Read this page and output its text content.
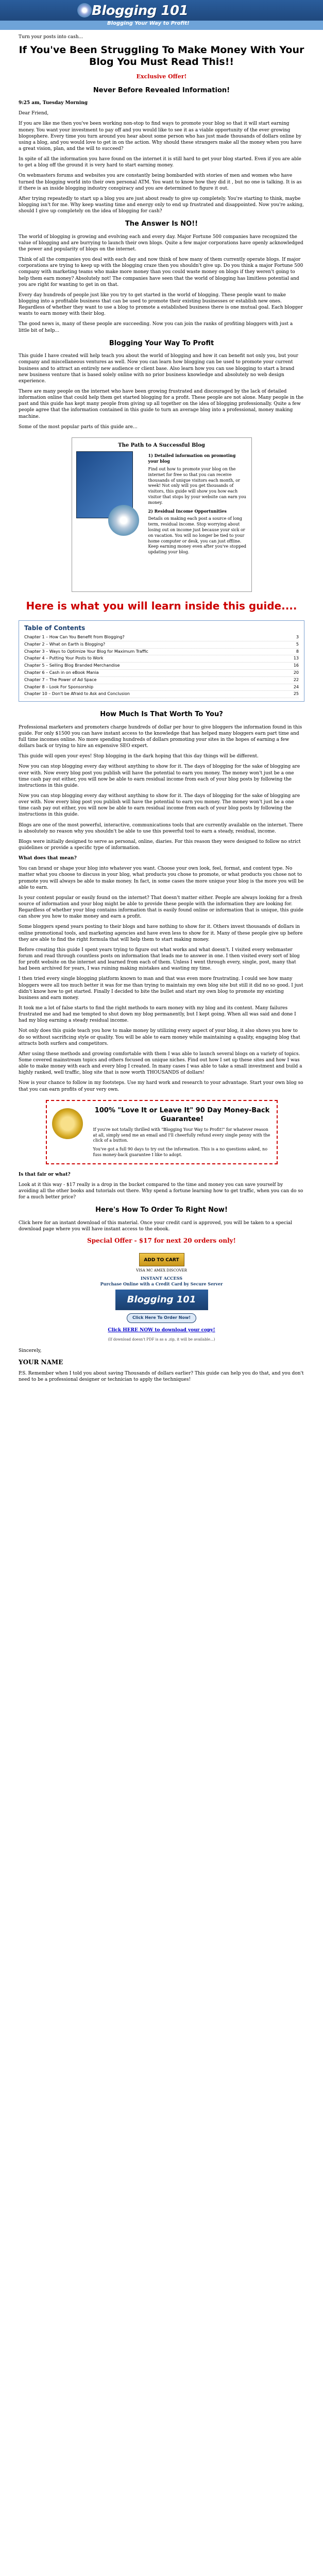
Blogging 101
Blogging Your Way to Profit!

Turn your posts into cash...

If You've Been Struggling To Make Money With Your Blog You Must Read This!!
Exclusive Offer!
Never Before Revealed Information!

9:25 am, Tuesday Morning

Dear Friend,

If you are like me then you've been working non-stop to find ways to promote your blog so that it will start earning money. You want your investment to pay off and you would like to see it as a viable opportunity of the ever growing blogosphere. Every time you turn around you hear about some person who has just made thousands of dollars online by using a blog, and you would love to get in on the action. Why should these strangers make all the money when you have a great vision, plan, and the will to succeed?

In spite of all the information you have found on the internet it is still hard to get your blog started. Even if you are able to get a blog off the ground it is very hard to start earning money.

On webmasters forums and websites you are constantly being bombarded with stories of men and women who have turned the blogging world into their own personal ATM. You want to know how they did it , but no one is talking. It is as if there is an inside blogging industry conspiracy and you are determined to figure it out.

After trying repeatedly to start up a blog you are just about ready to give up completely. You're starting to think, maybe blogging isn't for me. Why keep wasting time and energy only to end up frustrated and disappointed. Now you're asking, should I give up completely on the idea of blogging for cash?

The Answer Is NO!!

The world of blogging is growing and evolving each and every day. Major Fortune 500 companies have recognized the value of blogging and are burrying to launch their own blogs. Quite a few major corporations have openly acknowledged the power and popularity of blogs on the internet.

Think of all the companies you deal with each day and now think of how many of them currently operate blogs. If major corporations are trying to keep up with the blogging craze then you shouldn't give up. Do you think a major Fortune 500 company with marketing teams who make more money than you could waste money on blogs if they weren't going to help them earn money? Absolutely not! The companies have seen that the world of blogging has limitless potential and you are right for wanting to get in on that.

Every day hundreds of people just like you try to get started in the world of blogging. These people want to make blogging into a profitable business that can be used to promote their existing businesses or establish new ones. Regardless of whether they want to use a blog to promote a established business there is one mutual goal. Each blogger wants to earn money with their blog.

The good news is, many of these people are succeeding. Now you can join the ranks of profiting bloggers with just a little bit of help...

Blogging Your Way To Profit

This guide I have created will help teach you about the world of blogging and how it can benefit not only you, but your company and miscellaneous ventures as well. Now you can learn how blogging can be used to promote your current business and to attract an entirely new audience or client base. Also learn how you can use blogging to start a brand new business venture that is based solely online with no prior business knowledge and absolutely no web design experience.

There are many people on the internet who have been growing frustrated and discouraged by the lack of detailed information online that could help them get started blogging for a profit. These people are not alone. Many people in the past and this guide has kept many people from giving up all together on the idea of blogging professionally. Quite a few people agree that the information contained in this guide to turn an average blog into a professional, money making machine.

Some of the most popular parts of this guide are...

The Path to A Successful Blog

1) Detailed information on promoting your blog

Find out how to promote your blog on the internet for free so that you can receive thousands of unique visitors each month, or week! Not only will you get thousands of visitors, this guide will show you how each visitor that stops by your website can earn you money.

2) Residual Income Opportunities

Details on making each post a source of long term, residual income. Stop worrying about losing out on income just because your sick or on vacation. You will no longer be tied to your home computer or desk, you can just offline. Keep earning money even after you've stopped updating your blog.

Here is what you will learn inside this guide....
Table of Contents
Chapter 1 – How Can You Benefit from Blogging?	3
Chapter 2 – What on Earth is Blogging?	5
Chapter 3 – Ways to Optimize Your Blog for Maximum Traffic	8
Chapter 4 – Putting Your Posts to Work	13
Chapter 5 – Selling Blog Branded Merchandise	16
Chapter 6 – Cash in on eBook Mania	20
Chapter 7 – The Power of Ad Space	22
Chapter 8 – Look For Sponsorship	24
Chapter 10 – Don't be Afraid to Ask and Conclusion	25
How Much Is That Worth To You?

Professional marketers and promoters charge hundreds of dollar per hour to give bloggers the information found in this guide. For only $1500 you can have instant access to the knowledge that has helped many bloggers earn part time and full time incomes online. No more spending hundreds of dollars promoting your sites in the hopes of earning a few dollars back or trying to hire an expensive SEO expert.

This guide will open your eyes! Stop blogging in the dark hoping that this day things will be different.

Now you can stop blogging every day without anything to show for it. The days of blogging for the sake of blogging are over with. Now every blog post you publish will have the potential to earn you money. The money won't just be a one time cash pay out either, you will now be able to earn residual income from each of your blog posts by following the instructions in this guide.

Now you can stop blogging every day without anything to show for it. The days of blogging for the sake of blogging are over with. Now every blog post you publish will have the potential to earn you money. The money won't just be a one time cash pay out either, you will now be able to earn residual income from each of your blog posts by following the instructions in this guide.

Blogs are one of the most powerful, interactive, communications tools that are currently available on the internet. There is absolutely no reason why you shouldn't be able to use this powerful tool to earn a steady, residual, income.

Blogs were initially designed to serve as personal, online, diaries. For this reason they were designed to follow no strict guidelines or provide a specific type of information.

What does that mean?

You can brand or shape your blog into whatever you want. Choose your own look, feel, format, and content type. No matter what you choose to discuss in your blog, what products you chose to promote, or what products you chose not to promote you will always be able to make money. In fact, in some cases the more unique your blog is the more you will be able to earn.

Is your content popular or easily found on the internet? That doesn't matter either. People are always looking for a fresh source of information and your blog might be able to provide these people with the information they are looking for. Regardless of whether your blog contains information that is easily found online or information that is unique, this guide can show you how to make money and earn a profit.

Some bloggers spend years posting to their blogs and have nothing to show for it. Others invest thousands of dollars in online promotional tools, and marketing agencies and have even less to show for it. Many of these people give up before they are able to find the right formula that will help them to start making money.

Before creating this guide I spent years trying to figure out what works and what doesn't. I visited every webmaster forum and read through countless posts on information that leads me to answer in one. I then visited every sort of blog for profit website on the internet and learned from each of them. Unless I went through every, single, post, many that had been archived for years, I was ruining making mistakes and wasting my time.

I then tried every single blogging platform known to man and that was even more frustrating. I could see how many bloggers were all too much better it was for me than trying to maintain my own blog site but still it did no so good. I just didn't know how to get started. Finally I decided to bite the bullet and start my own blog to promote my existing business and earn money.

It took me a lot of false starts to find the right methods to earn money with my blog and its content. Many failures frustrated me and had me tempted to shut down my blog permanently, but I kept going. When all was said and done I had my blog earning a steady residual income.

Not only does this guide teach you how to make money by utilizing every aspect of your blog, it also shows you how to do so without sacrificing style or quality. You will be able to earn money while maintaining a quality, engaging blog that attracts both surfers and competitors.

After using these methods and growing comfortable with them I was able to launch several blogs on a variety of topics. Some covered mainstream topics and others focused on unique niches. Find out how I set up these sites and how I was able to make money with each and every blog I created. In many cases I was able to take a small investment and build a highly ranked, well traffic, blog site that is now worth THOUSANDS of dollars!

Now is your chance to follow in my footsteps. Use my hard work and research to your advantage. Start your own blog so that you can earn profits of your very own.

100% "Love It or Leave It" 90 Day Money-Back Guarantee!
If you're not totally thrilled with "Blogging Your Way to Profit!" for whatever reason at all, simply send me an email and I'll cheerfully refund every single penny with the click of a button.
You've got a full 90 days to try out the information. This is a no questions asked, no fuss money-back guarantee I like to adopt.

Is that fair or what?

Look at it this way - $17 really is a drop in the bucket compared to the time and money you can save yourself by avoiding all the other books and tutorials out there. Why spend a fortune learning how to get traffic, when you can do so for a much better price?

Here's How To Order To Right Now!

Click here for an instant download of this material. Once your credit card is approved, you will be taken to a special download page where you will have instant access to the ebook.

Special Offer - $17 for next 20 orders only!
ADD TO CART
VISA MC AMEX DISCOVER
INSTANT ACCESS
Purchase Online with a Credit Card by Secure Server
Blogging 101
Click Here To Order Now!

Click HERE NOW to download your copy!

(If download doesn't PDF is as a .zip, it will be available...)

Sincerely,

YOUR NAME

P.S. Remember when I told you about saving Thousands of dollars earlier? This guide can help you do that, and you don't need to be a professional designer or technician to apply the techniques!
